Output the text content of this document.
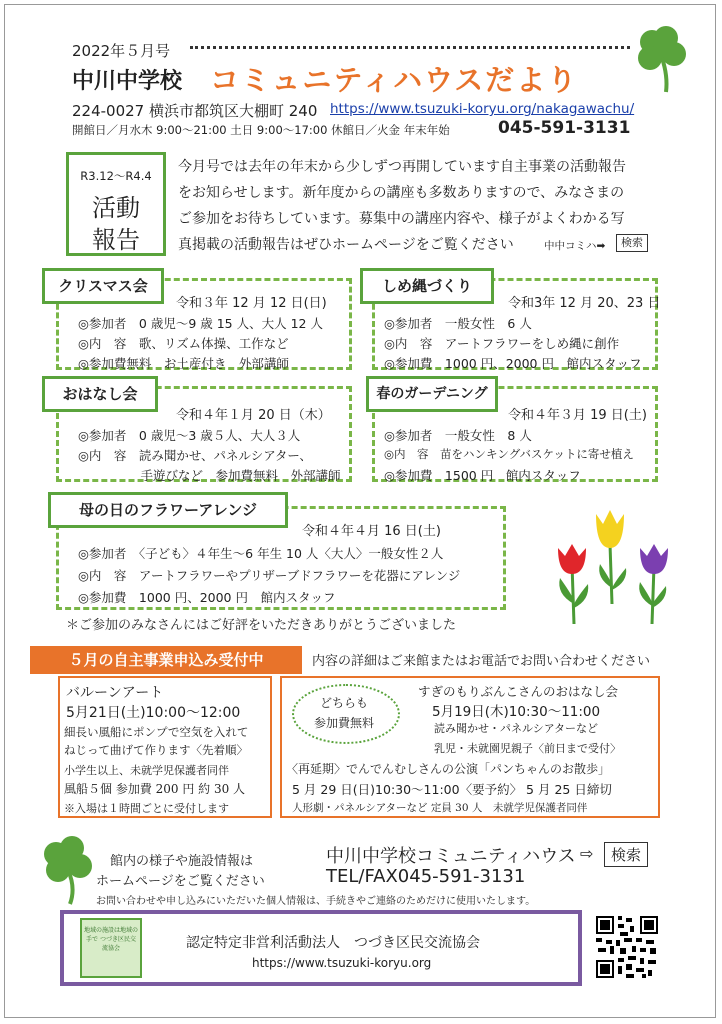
2022年５月号
中川中学校 コミュニティハウスだより
224-0027 横浜市都筑区大棚町 240 https://www.tsuzuki-koryu.org/nakagawachu/
開館日／月水木 9:00～21:00 土日 9:00～17:00 休館日／火金 年末年始	045-591-3131
R3.12～R4.4
活動
報告
今月号では去年の年末から少しずつ再開しています自主事業の活動報告
をお知らせします。新年度からの講座も多数ありますので、みなさまの
ご参加をお待ちしています。募集中の講座内容や、様子がよくわかる写
真掲載の活動報告はぜひホームページをご覧ください	中中コミハ➡	検索
クリスマス会
令和３年 12 月 12 日(日)
◎参加者　0 歳児～9 歳 15 人、大人 12 人
◎内　容　歌、リズム体操、工作など
◎参加費無料　お土産付き　外部講師
しめ縄づくり
令和3年 12 月 20、23 日
◎参加者　一般女性　6 人
◎内　容　アートフラワーをしめ縄に創作
◎参加費　1000 円、2000 円　館内スタッフ
おはなし会
令和４年１月 20 日（木）
◎参加者　0 歳児～3 歳５人、大人３人
◎内　容　読み聞かせ、パネルシアター、
　　　　　手遊びなど　参加費無料　外部講師
春のガーデニング
令和４年３月 19 日(土)
◎参加者　一般女性　8 人
◎内　容　苗をハンキングバスケットに寄せ植え
◎参加費　1500 円　館内スタッフ
母の日のフラワーアレンジ
令和４年４月 16 日(土)
◎参加者　〈子ども〉４年生～6 年生 10 人〈大人〉一般女性２人
◎内　容　アートフラワーやプリザーブドフラワーを花器にアレンジ
◎参加費　1000 円、2000 円　館内スタッフ
＊ご参加のみなさんにはご好評をいただきありがとうございました
５月の自主事業申込み受付中	内容の詳細はご来館またはお電話でお問い合わせください
バルーンアート
5月21日(土)10:00～12:00
細長い風船にポンプで空気を入れて
ねじって曲げて作ります〈先着順〉
小学生以上、未就学児保護者同伴
風船５個 参加費 200 円 約 30 人
※入場は１時間ごとに受付します
どちらも
参加費無料
すぎのもりぶんこさんのおはなし会
5月19日(木)10:30～11:00
読み聞かせ・パネルシアターなど
乳児・未就園児親子〈前日まで受付〉
〈再延期〉でんでんむしさんの公演「パンちゃんのお散歩」
5 月 29 日(日)10:30～11:00〈要予約〉 5 月 25 日締切
人形劇・パネルシアターなど 定員 30 人　未就学児保護者同伴
館内の様子や施設情報は
ホームページをご覧ください
中川中学校コミュニティハウス ⇨	検索
TEL/FAX045-591-3131
お問い合わせや申し込みにいただいた個人情報は、手続きやご連絡のためだけに使用いたします。
地域の施設は地域の手で つづき区民交流協会	認定特定非営利活動法人　つづき区民交流協会
https://www.tsuzuki-koryu.org
